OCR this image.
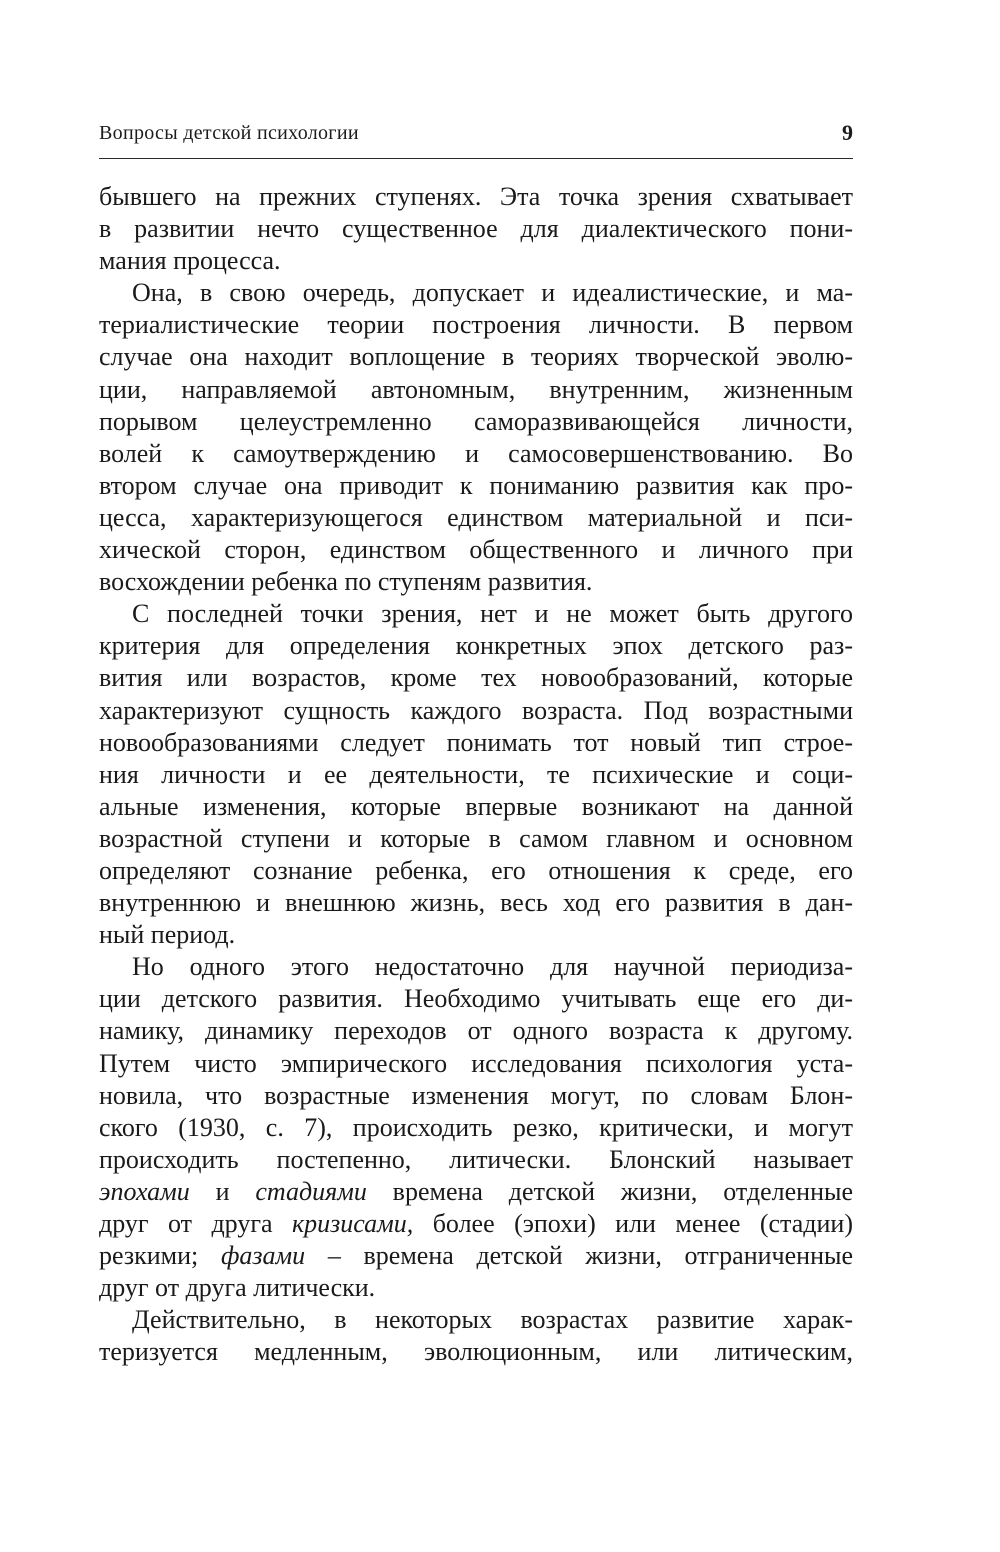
Вопросы детской психологии	9
бывшего на прежних ступенях. Эта точка зрения схватывает
в развитии нечто существенное для диалектического пони-
мания процесса.
Она, в свою очередь, допускает и идеалистические, и ма-
териалистические теории построения личности. В первом
случае она находит воплощение в теориях творческой эволю-
ции, направляемой автономным, внутренним, жизненным
порывом целеустремленно саморазвивающейся личности,
волей к самоутверждению и самосовершенствованию. Во
втором случае она приводит к пониманию развития как про-
цесса, характеризующегося единством материальной и пси-
хической сторон, единством общественного и личного при
восхождении ребенка по ступеням развития.
С последней точки зрения, нет и не может быть другого
критерия для определения конкретных эпох детского раз-
вития или возрастов, кроме тех новообразований, которые
характеризуют сущность каждого возраста. Под возрастными
новообразованиями следует понимать тот новый тип стрoе-
ния личности и ее деятельности, те психические и соци-
альные изменения, которые впервые возникают на данной
возрастной ступени и которые в самом главном и основном
определяют сознание ребенка, его отношения к среде, его
внутреннюю и внешнюю жизнь, весь ход его развития в дан-
ный период.
Но одного этого недостаточно для научной периодиза-
ции детского развития. Необходимо учитывать еще его ди-
намику, динамику переходов от одного возраста к другому.
Путем чисто эмпирического исследования психология уста-
новила, что возрастные изменения могут, по словам Блон-
ского (1930, с. 7), происходить резко, критически, и могут
происходить постепенно, литически. Блонский называет
эпохами и стадиями времена детской жизни, отделенные
друг от друга кризисами, более (эпохи) или менее (стадии)
резкими; фазами – времена детской жизни, отграниченные
друг от друга литически.
Действительно, в некоторых возрастах развитие харак-
теризуется медленным, эволюционным, или литическим,
